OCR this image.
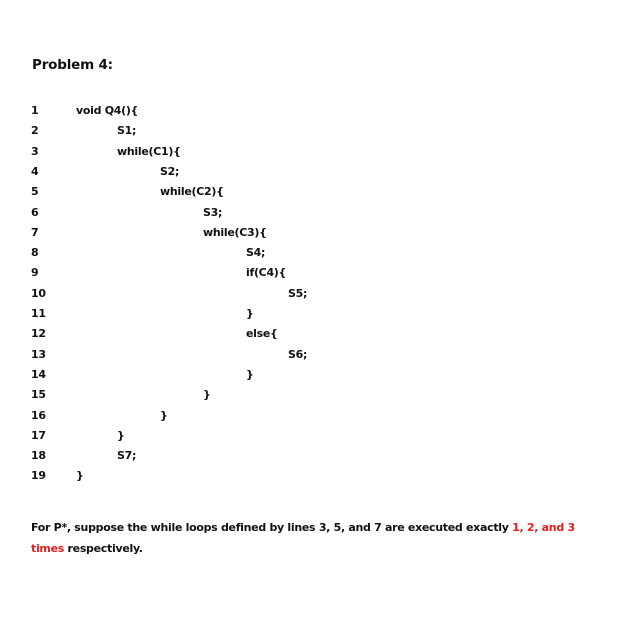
Problem 4:
1	void Q4(){
2	S1;
3	while(C1){
4	S2;
5	while(C2){
6	S3;
7	while(C3){
8	S4;
9	if(C4){
10	S5;
11	}
12	else{
13	S6;
14	}
15	}
16	}
17	}
18	S7;
19	}
For P*, suppose the while loops defined by lines 3, 5, and 7 are executed exactly 1, 2, and 3 times respectively.
